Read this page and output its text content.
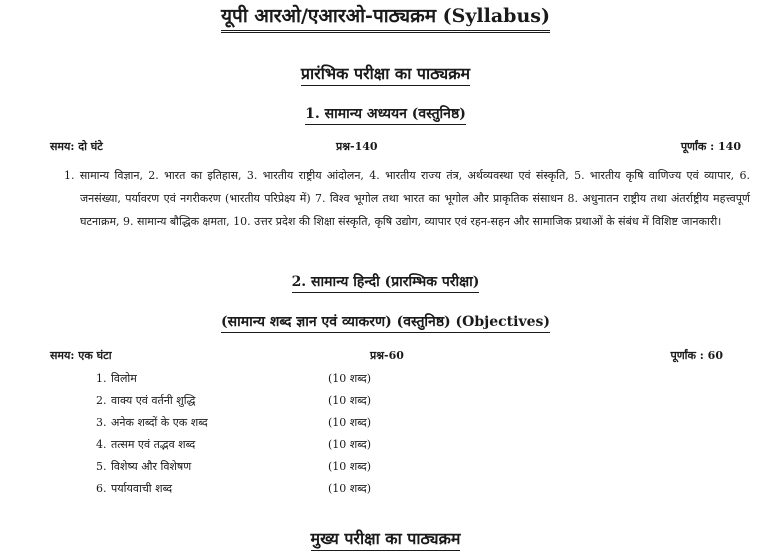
यूपी आरओ/एआरओ-पाठ्यक्रम (Syllabus)
प्रारंभिक परीक्षा का पाठ्यक्रम
1. सामान्य अध्ययन (वस्तुनिष्ठ)
समय: दो घंटे	प्रश्न-140	पूर्णांक : 140
1. सामान्य विज्ञान, 2. भारत का इतिहास, 3. भारतीय राष्ट्रीय आंदोलन, 4. भारतीय राज्य तंत्र, अर्थव्यवस्था एवं संस्कृति, 5. भारतीय कृषि वाणिज्य एवं व्यापार, 6. जनसंख्या, पर्यावरण एवं नगरीकरण (भारतीय परिप्रेक्ष्य में) 7. विश्व भूगोल तथा भारत का भूगोल और प्राकृतिक संसाधन 8. अधुनातन राष्ट्रीय तथा अंतर्राष्ट्रीय महत्त्वपूर्ण घटनाक्रम, 9. सामान्य बौद्धिक क्षमता, 10. उत्तर प्रदेश की शिक्षा संस्कृति, कृषि उद्योग, व्यापार एवं रहन-सहन और सामाजिक प्रथाओं के संबंध में विशिष्ट जानकारी।
2. सामान्य हिन्दी (प्रारम्भिक परीक्षा)
(सामान्य शब्द ज्ञान एवं व्याकरण) (वस्तुनिष्ठ) (Objectives)
समय: एक घंटा	प्रश्न-60	पूर्णांक : 60
1. विलोम	(10 शब्द)
2. वाक्य एवं वर्तनी शुद्धि	(10 शब्द)
3. अनेक शब्दों के एक शब्द	(10 शब्द)
4. तत्सम एवं तद्भव शब्द	(10 शब्द)
5. विशेष्य और विशेषण	(10 शब्द)
6. पर्यायवाची शब्द	(10 शब्द)
मुख्य परीक्षा का पाठ्यक्रम
